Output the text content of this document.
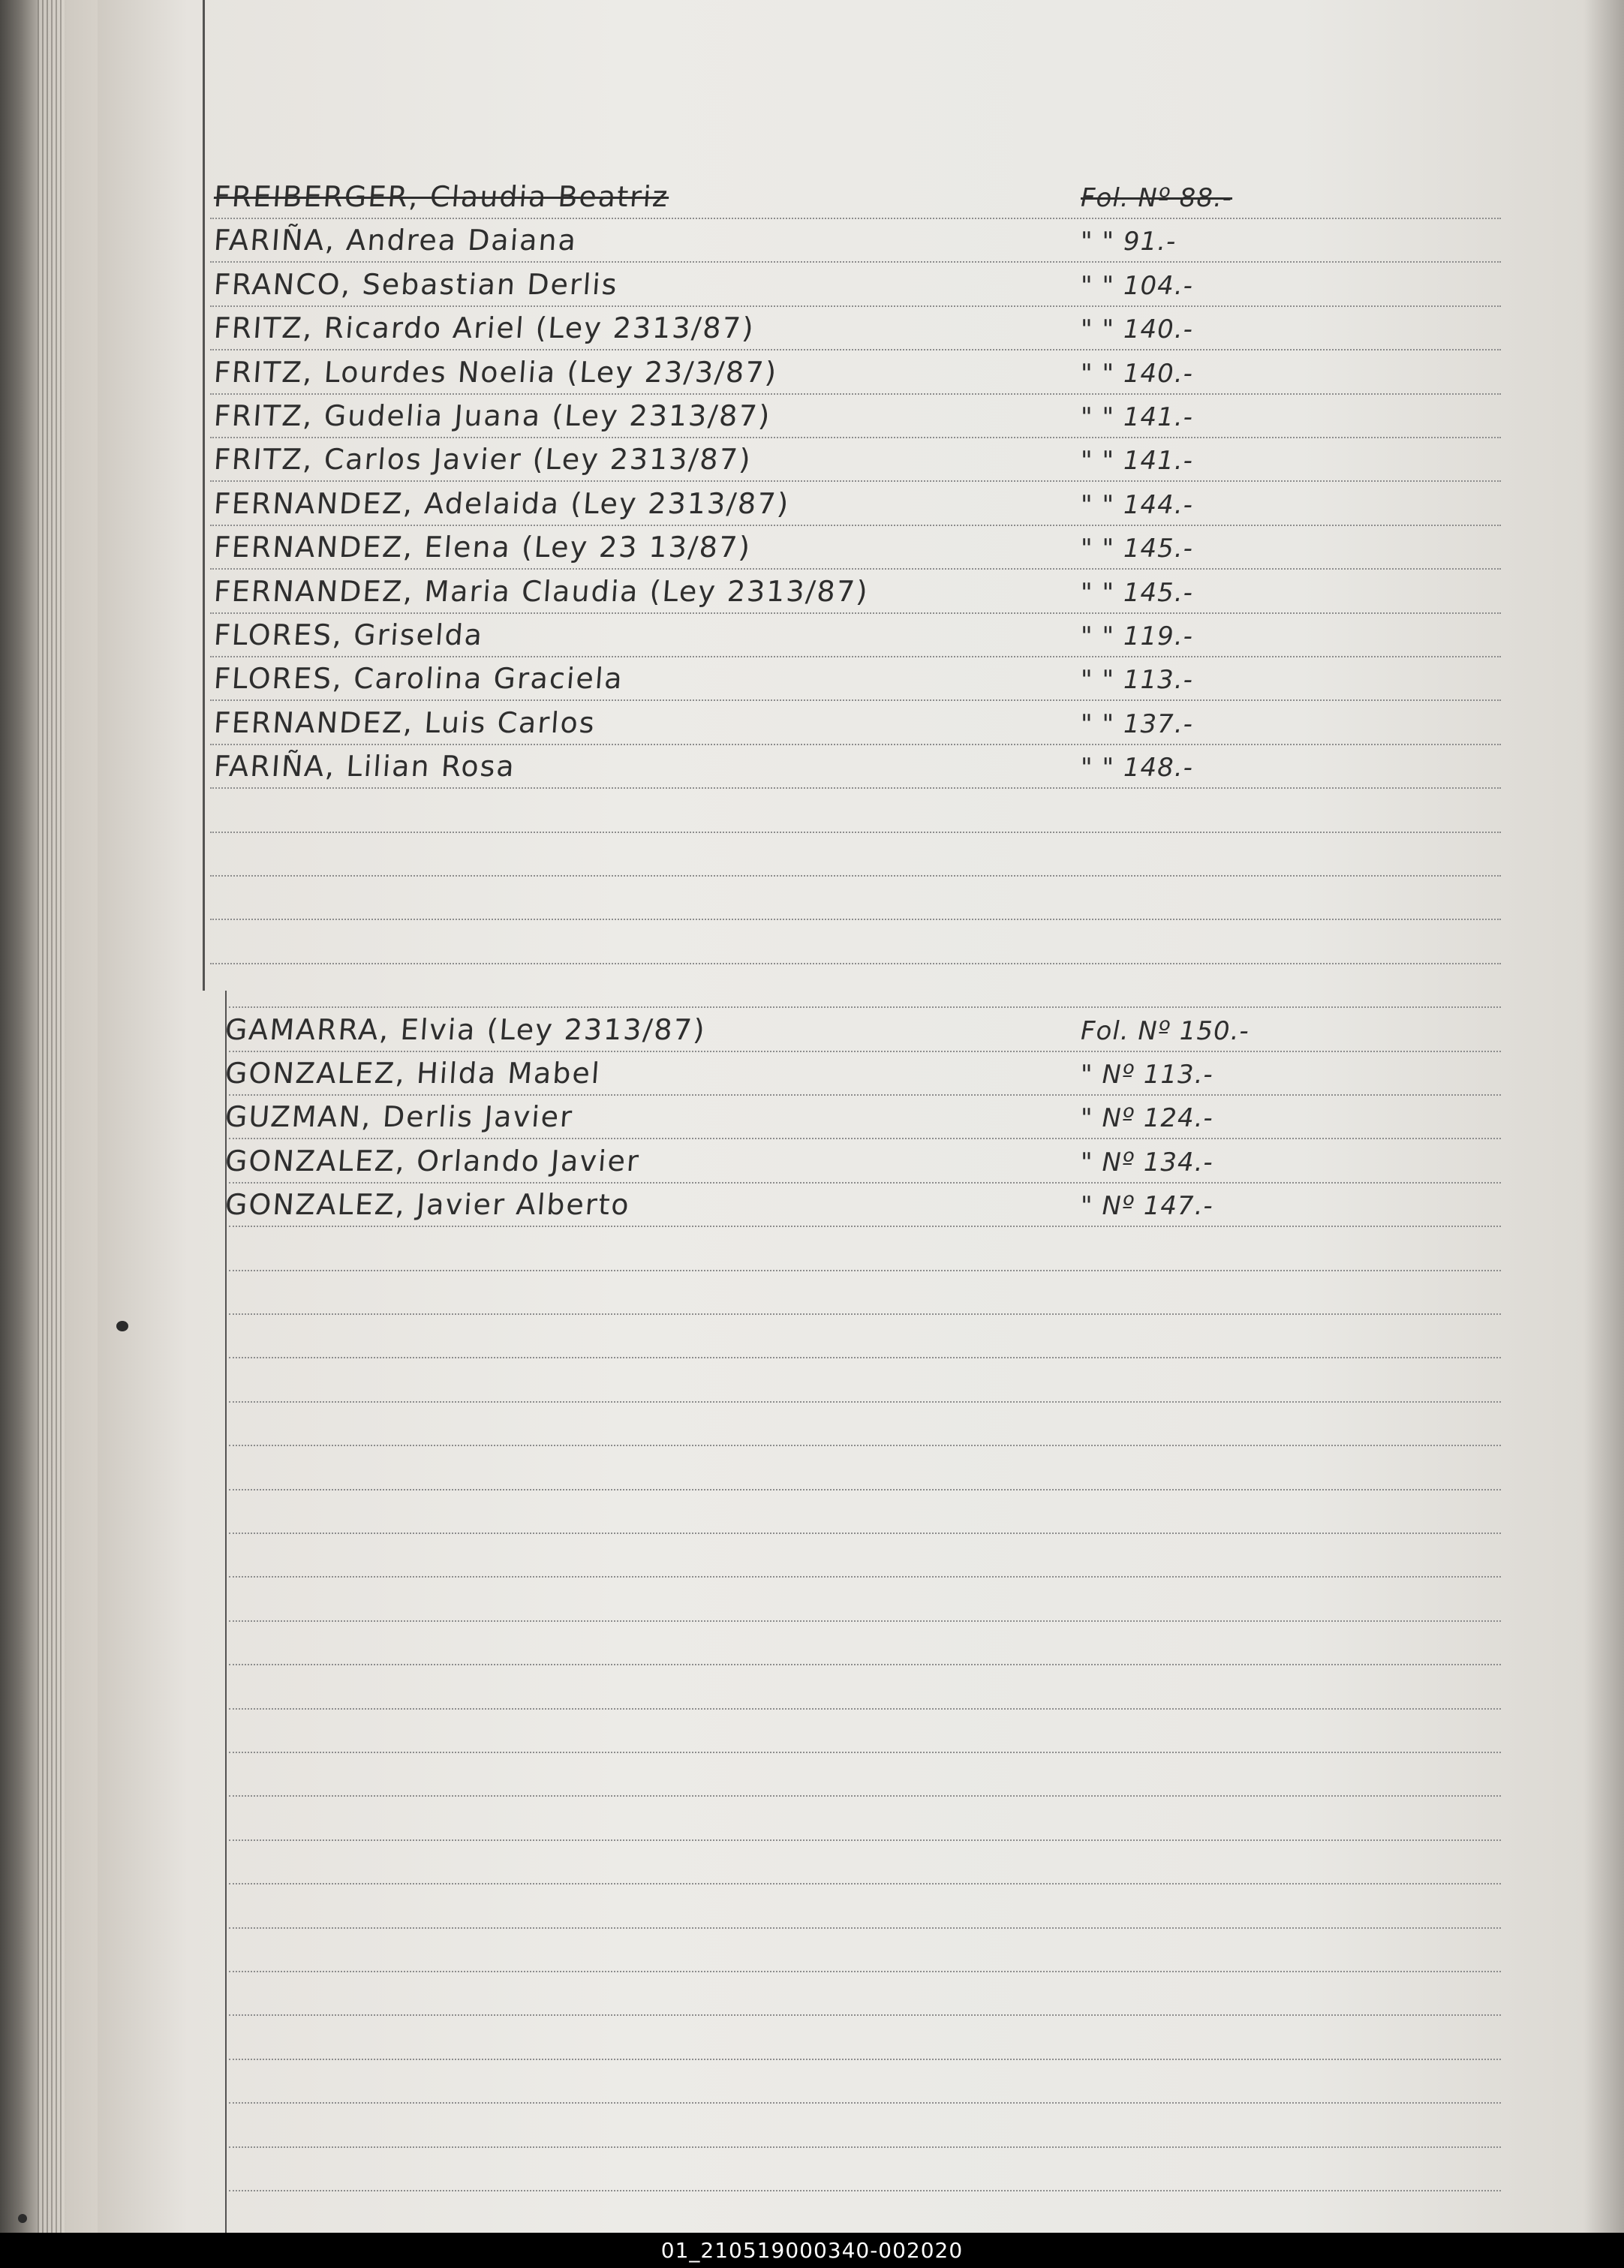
FREIBERGER, Claudia Beatriz	Fol. Nº 88.-
FARIÑA, Andrea Daiana	" " 91.-
FRANCO, Sebastian Derlis	" " 104.-
FRITZ, Ricardo Ariel (Ley 2313/87)	" " 140.-
FRITZ, Lourdes Noelia (Ley 23/3/87)	" " 140.-
FRITZ, Gudelia Juana (Ley 2313/87)	" " 141.-
FRITZ, Carlos Javier (Ley 2313/87)	" " 141.-
FERNANDEZ, Adelaida (Ley 2313/87)	" " 144.-
FERNANDEZ, Elena (Ley 23 13/87)	" " 145.-
FERNANDEZ, Maria Claudia (Ley 2313/87)	" " 145.-
FLORES, Griselda	" " 119.-
FLORES, Carolina Graciela	" " 113.-
FERNANDEZ, Luis Carlos	" " 137.-
FARIÑA, Lilian Rosa	" " 148.-
GAMARRA, Elvia (Ley 2313/87)	Fol. Nº 150.-
GONZALEZ, Hilda Mabel	" Nº 113.-
GUZMAN, Derlis Javier	" Nº 124.-
GONZALEZ, Orlando Javier	" Nº 134.-
GONZALEZ, Javier Alberto	" Nº 147.-
01_210519000340-002020
